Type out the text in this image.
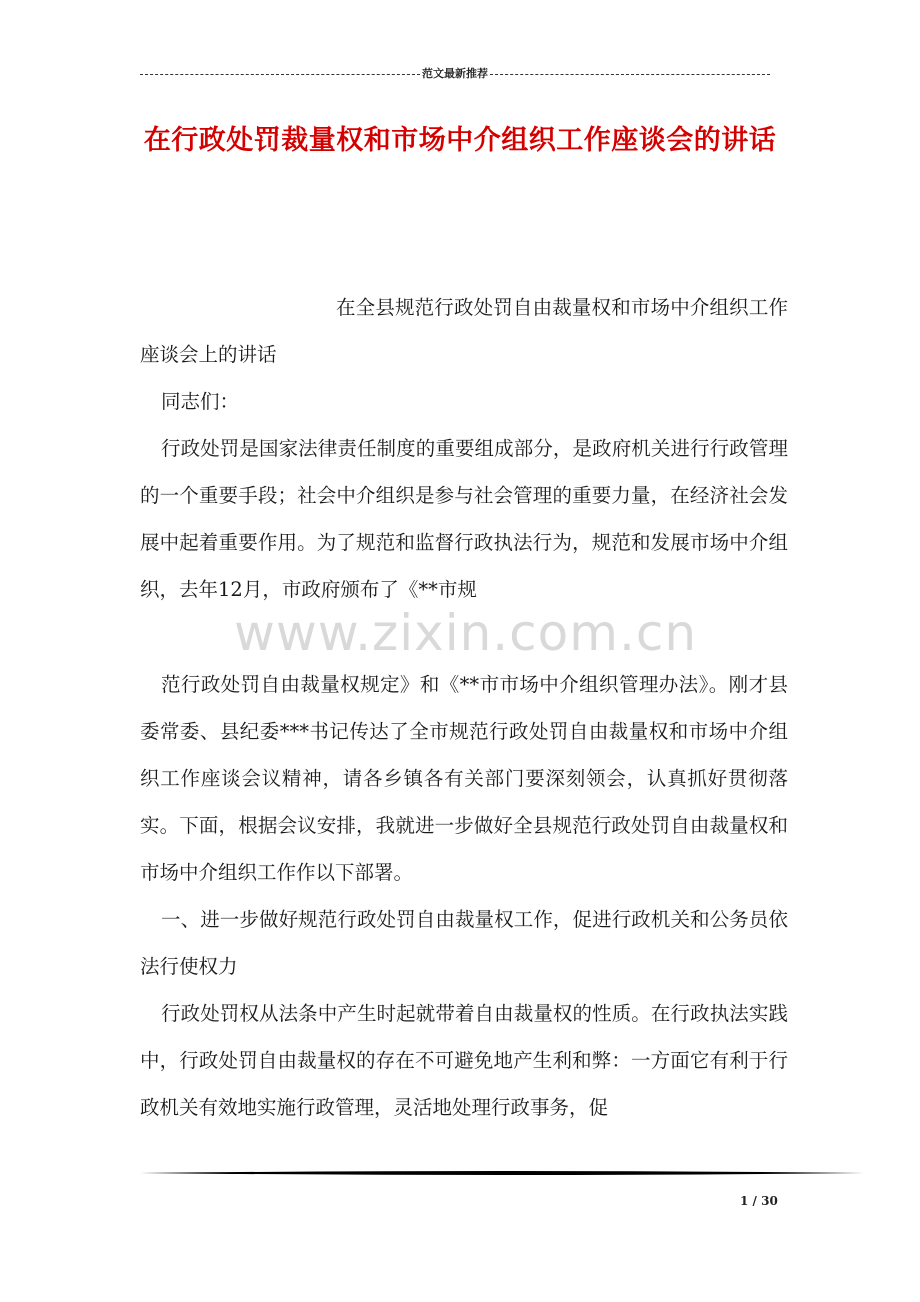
范文最新推荐
在行政处罚裁量权和市场中介组织工作座谈会的讲话

在全县规范行政处罚自由裁量权和市场中介组织工作座谈会上的讲话

同志们：

行政处罚是国家法律责任制度的重要组成部分，是政府机关进行行政管理的一个重要手段；社会中介组织是参与社会管理的重要力量，在经济社会发展中起着重要作用。为了规范和监督行政执法行为，规范和发展市场中介组织，去年12月，市政府颁布了《**市规

范行政处罚自由裁量权规定》和《**市市场中介组织管理办法》。刚才县委常委、县纪委***书记传达了全市规范行政处罚自由裁量权和市场中介组织工作座谈会议精神，请各乡镇各有关部门要深刻领会，认真抓好贯彻落实。下面，根据会议安排，我就进一步做好全县规范行政处罚自由裁量权和市场中介组织工作作以下部署。

一、进一步做好规范行政处罚自由裁量权工作，促进行政机关和公务员依法行使权力

行政处罚权从法条中产生时起就带着自由裁量权的性质。在行政执法实践中，行政处罚自由裁量权的存在不可避免地产生利和弊：一方面它有利于行政机关有效地实施行政管理，灵活地处理行政事务，促

www.zixin.com.cn
1 / 30
